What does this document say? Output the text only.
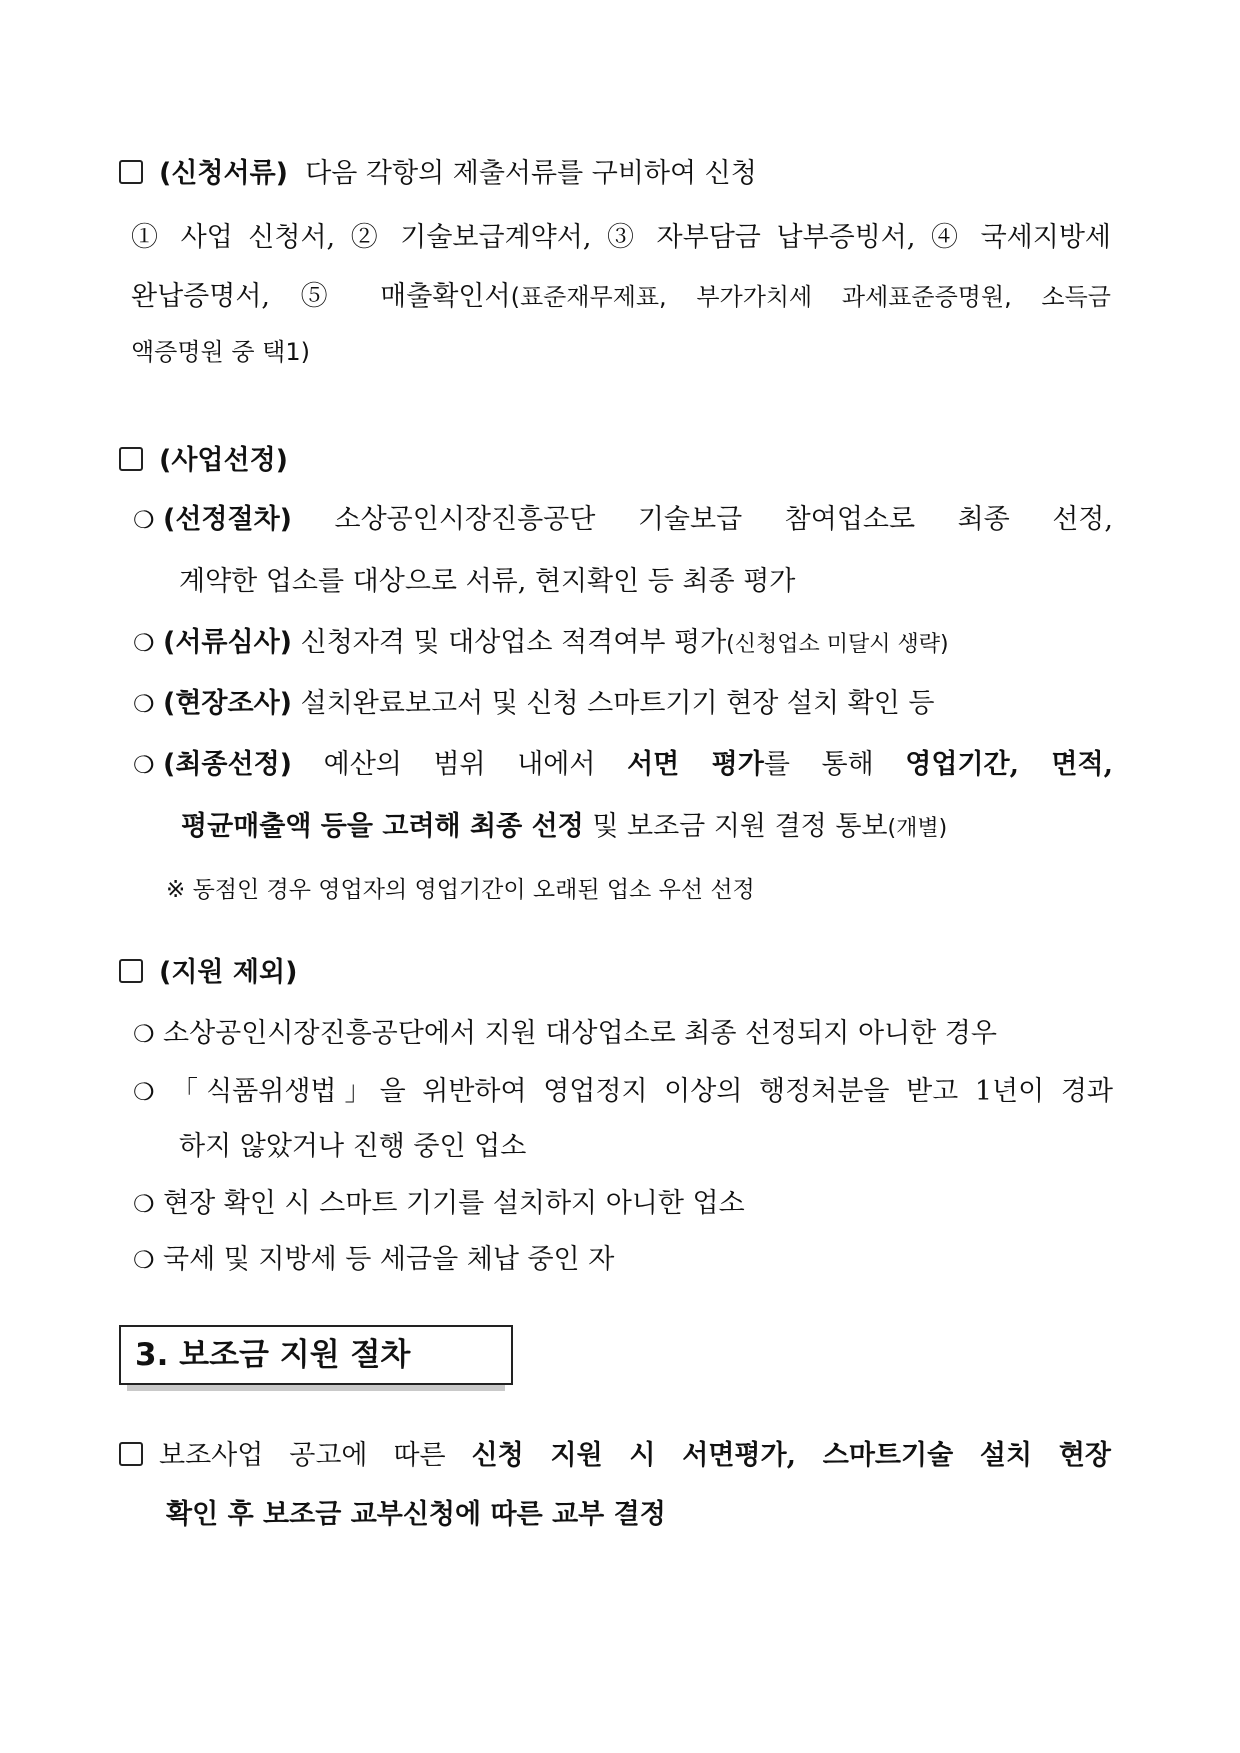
(신청서류) 다음 각항의 제출서류를 구비하여 신청
① 사업 신청서, ② 기술보급계약서, ③ 자부담금 납부증빙서, ④ 국세지방세
완납증명서, ⑤ 매출확인서(표준재무제표, 부가가치세 과세표준증명원, 소득금
액증명원 중 택1)
(사업선정)
❍ (선정절차) 소상공인시장진흥공단 기술보급 참여업소로 최종 선정,
계약한 업소를 대상으로 서류, 현지확인 등 최종 평가
❍ (서류심사) 신청자격 및 대상업소 적격여부 평가(신청업소 미달시 생략)
❍ (현장조사) 설치완료보고서 및 신청 스마트기기 현장 설치 확인 등
❍ (최종선정) 예산의 범위 내에서 서면 평가를 통해 영업기간, 면적,
평균매출액 등을 고려해 최종 선정 및 보조금 지원 결정 통보(개별)
※ 동점인 경우 영업자의 영업기간이 오래된 업소 우선 선정
(지원 제외)
❍ 소상공인시장진흥공단에서 지원 대상업소로 최종 선정되지 아니한 경우
❍ 「식품위생법」을 위반하여 영업정지 이상의 행정처분을 받고 1년이 경과
하지 않았거나 진행 중인 업소
❍ 현장 확인 시 스마트 기기를 설치하지 아니한 업소
❍ 국세 및 지방세 등 세금을 체납 중인 자
3. 보조금 지원 절차
보조사업 공고에 따른 신청 지원 시 서면평가, 스마트기술 설치 현장
확인 후 보조금 교부신청에 따른 교부 결정
